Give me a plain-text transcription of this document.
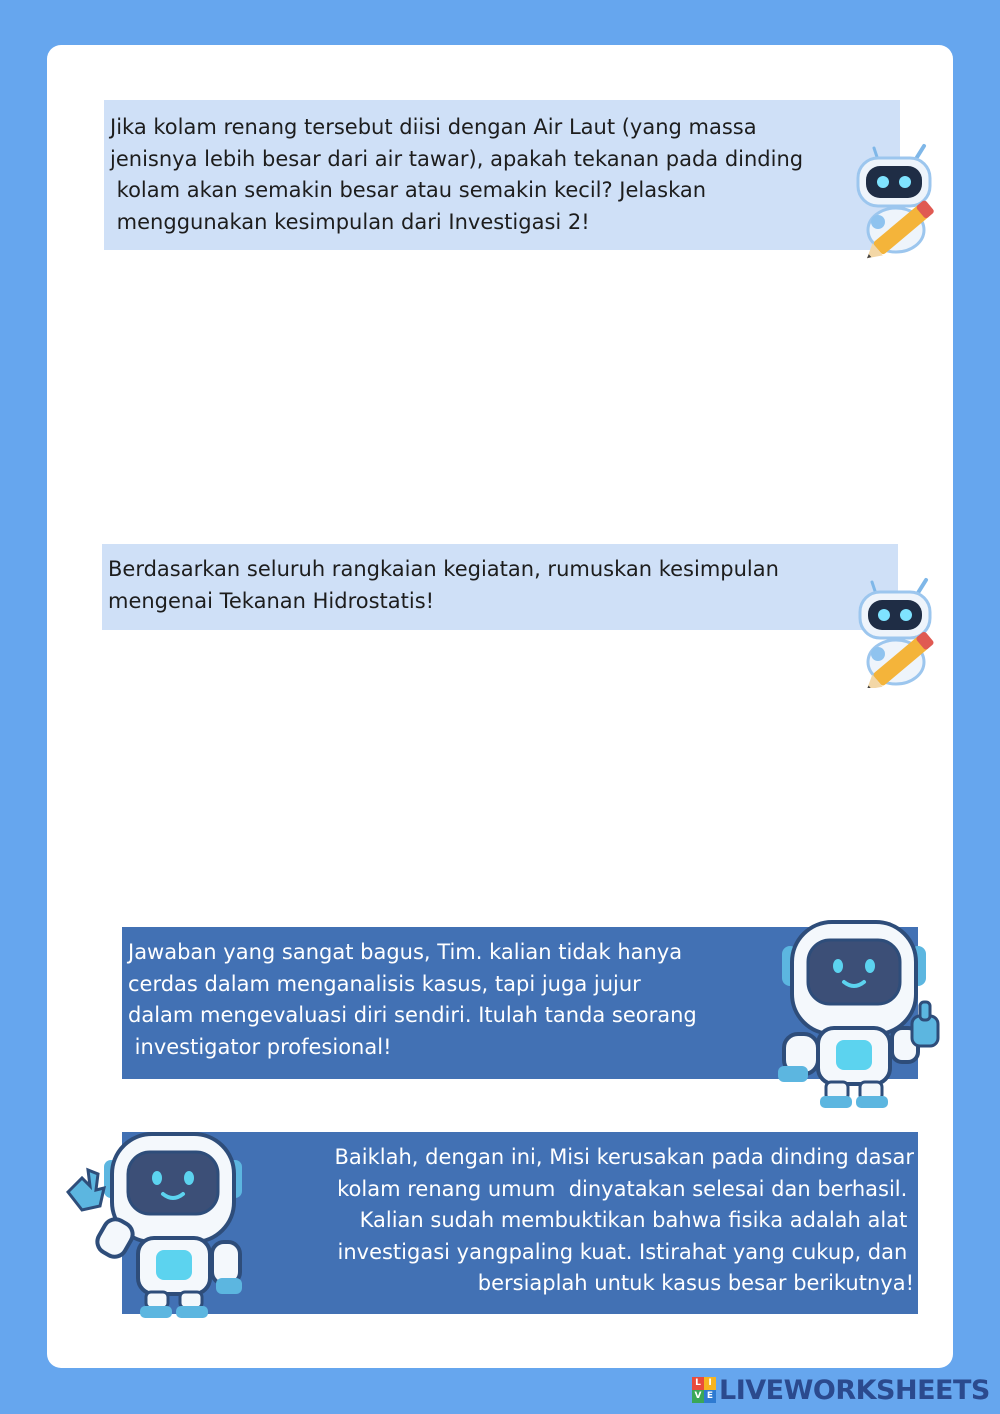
Jika kolam renang tersebut diisi dengan Air Laut (yang massa

jenisnya lebih besar dari air tawar), apakah tekanan pada dinding

kolam akan semakin besar atau semakin kecil? Jelaskan

menggunakan kesimpulan dari Investigasi 2!

Berdasarkan seluruh rangkaian kegiatan, rumuskan kesimpulan

mengenai Tekanan Hidrostatis!

Jawaban yang sangat bagus, Tim. kalian tidak hanya

cerdas dalam menganalisis kasus, tapi juga jujur

dalam mengevaluasi diri sendiri. Itulah tanda seorang

investigator profesional!

Baiklah, dengan ini, Misi kerusakan pada dinding dasar

kolam renang umum  dinyatakan selesai dan berhasil.

Kalian sudah membuktikan bahwa fisika adalah alat

investigasi yangpaling kuat. Istirahat yang cukup, dan

bersiaplah untuk kasus besar berikutnya!

L I
V E LIVEWORKSHEETS
